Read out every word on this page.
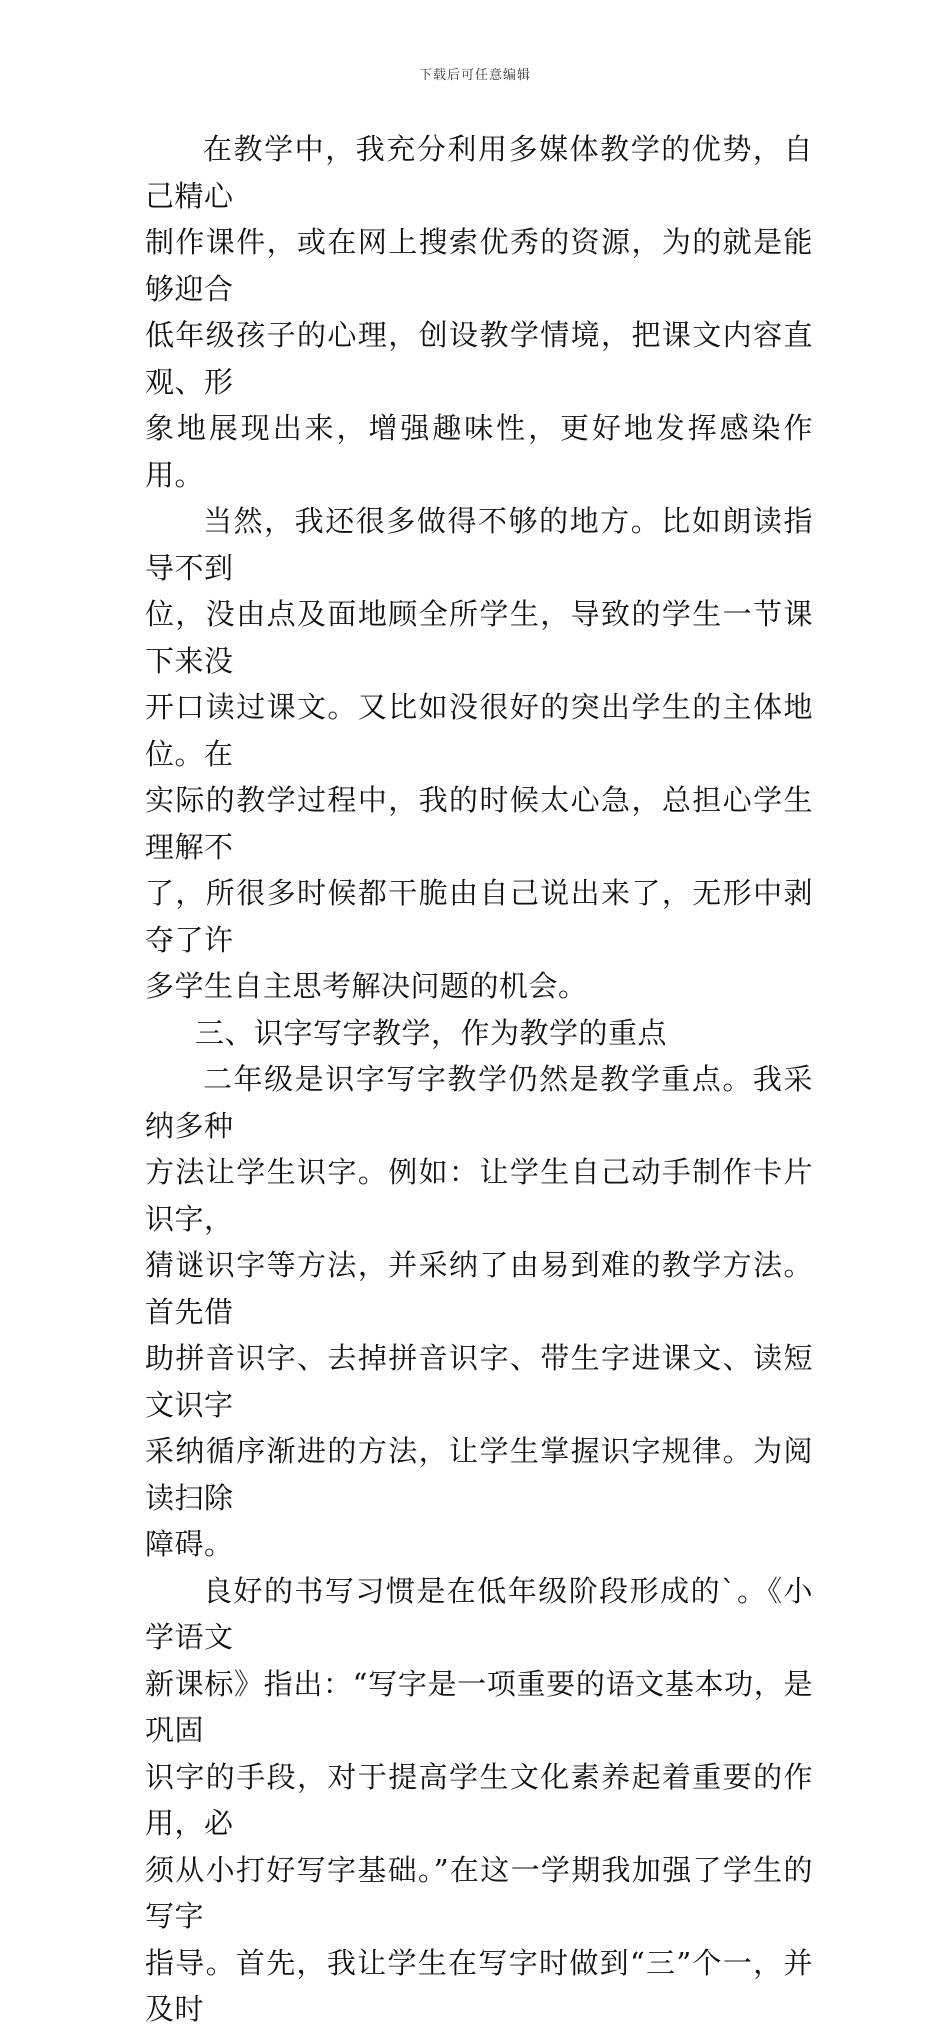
下载后可任意编辑

在教学中，我充分利用多媒体教学的优势，自己精心
制作课件，或在网上搜索优秀的资源，为的就是能够迎合
低年级孩子的心理，创设教学情境，把课文内容直观、形
象地展现出来，增强趣味性，更好地发挥感染作用。

当然，我还很多做得不够的地方。比如朗读指导不到
位，没由点及面地顾全所学生，导致的学生一节课下来没
开口读过课文。又比如没很好的突出学生的主体地位。在
实际的教学过程中，我的时候太心急，总担心学生理解不
了，所很多时候都干脆由自己说出来了，无形中剥夺了许
多学生自主思考解决问题的机会。

三、识字写字教学，作为教学的重点

二年级是识字写字教学仍然是教学重点。我采纳多种
方法让学生识字。例如：让学生自己动手制作卡片识字，
猜谜识字等方法，并采纳了由易到难的教学方法。首先借
助拼音识字、去掉拼音识字、带生字进课文、读短文识字
采纳循序渐进的方法，让学生掌握识字规律。为阅读扫除
障碍。

良好的书写习惯是在低年级阶段形成的`。《小学语文
新课标》指出：“写字是一项重要的语文基本功，是巩固
识字的手段，对于提高学生文化素养起着重要的作用，必
须从小打好写字基础。”在这一学期我加强了学生的写字
指导。首先，我让学生在写字时做到“三”个一，并及时
